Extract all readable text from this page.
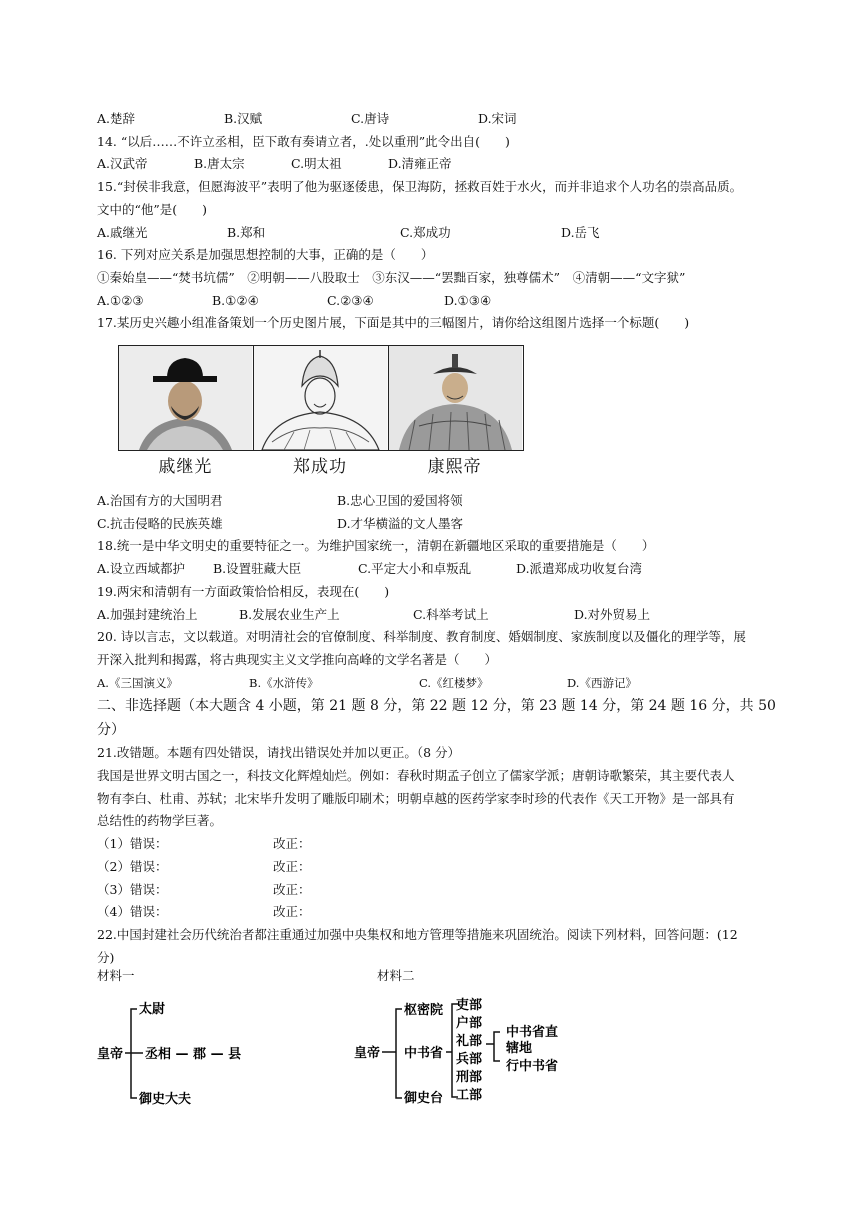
A.楚辞	B.汉赋	C.唐诗	D.宋词
14. “以后……不许立丞相，臣下敢有奏请立者，.处以重刑”此令出自(　　)
A.汉武帝	B.唐太宗	C.明太祖	D.清雍正帝
15.“封侯非我意，但愿海波平”表明了他为驱逐倭患，保卫海防，拯救百姓于水火，而并非追求个人功名的崇高品质。
文中的“他”是(　　)
A.戚继光	B.郑和	C.郑成功	D.岳飞
16. 下列对应关系是加强思想控制的大事，正确的是（　　）
①秦始皇——“焚书坑儒”　②明朝——八股取士　③东汉——“罢黜百家，独尊儒术”　④清朝——“文字狱”
A.①②③	B.①②④	C.②③④	D.①③④
17.某历史兴趣小组准备策划一个历史图片展，下面是其中的三幅图片，请你给这组图片选择一个标题(　　)
戚继光	郑成功	康熙帝
A.治国有方的大国明君	B.忠心卫国的爱国将领
C.抗击侵略的民族英雄	D.才华横溢的文人墨客
18.统一是中华文明史的重要特征之一。为维护国家统一，清朝在新疆地区采取的重要措施是（　　）
A.设立西域都护	B.设置驻藏大臣	C.平定大小和卓叛乱	D.派遣郑成功收复台湾
19.两宋和清朝有一方面政策恰恰相反，表现在(　　)
A.加强封建统治上	B.发展农业生产上	C.科举考试上	D.对外贸易上
20. 诗以言志，文以载道。对明清社会的官僚制度、科举制度、教育制度、婚姻制度、家族制度以及僵化的理学等，展
开深入批判和揭露，将古典现实主义文学推向高峰的文学名著是（　　）
A.《三国演义》	B.《水浒传》	C.《红楼梦》	D.《西游记》
二、非选择题（本大题含 4 小题，第 21 题 8 分，第 22 题 12 分，第 23 题 14 分，第 24 题 16 分，共 50
分）
21.改错题。本题有四处错误，请找出错误处并加以更正。（8 分）
我国是世界文明古国之一，科技文化辉煌灿烂。例如：春秋时期孟子创立了儒家学派；唐朝诗歌繁荣，其主要代表人
物有李白、杜甫、苏轼；北宋毕升发明了雕版印刷术；明朝卓越的医药学家李时珍的代表作《天工开物》是一部具有
总结性的药物学巨著。
（1）错误：	改正：
（2）错误：	改正：
（3）错误：	改正：
（4）错误：	改正：
22.中国封建社会历代统治者都注重通过加强中央集权和地方管理等措施来巩固统治。阅读下列材料，回答问题：(12
分)
材料一	材料二
皇帝
太尉
丞相 — 郡 — 县
御史大夫
皇帝
枢密院
中书省
御史台
吏部
户部
礼部
兵部
刑部
工部
中书省直
辖地
行中书省
